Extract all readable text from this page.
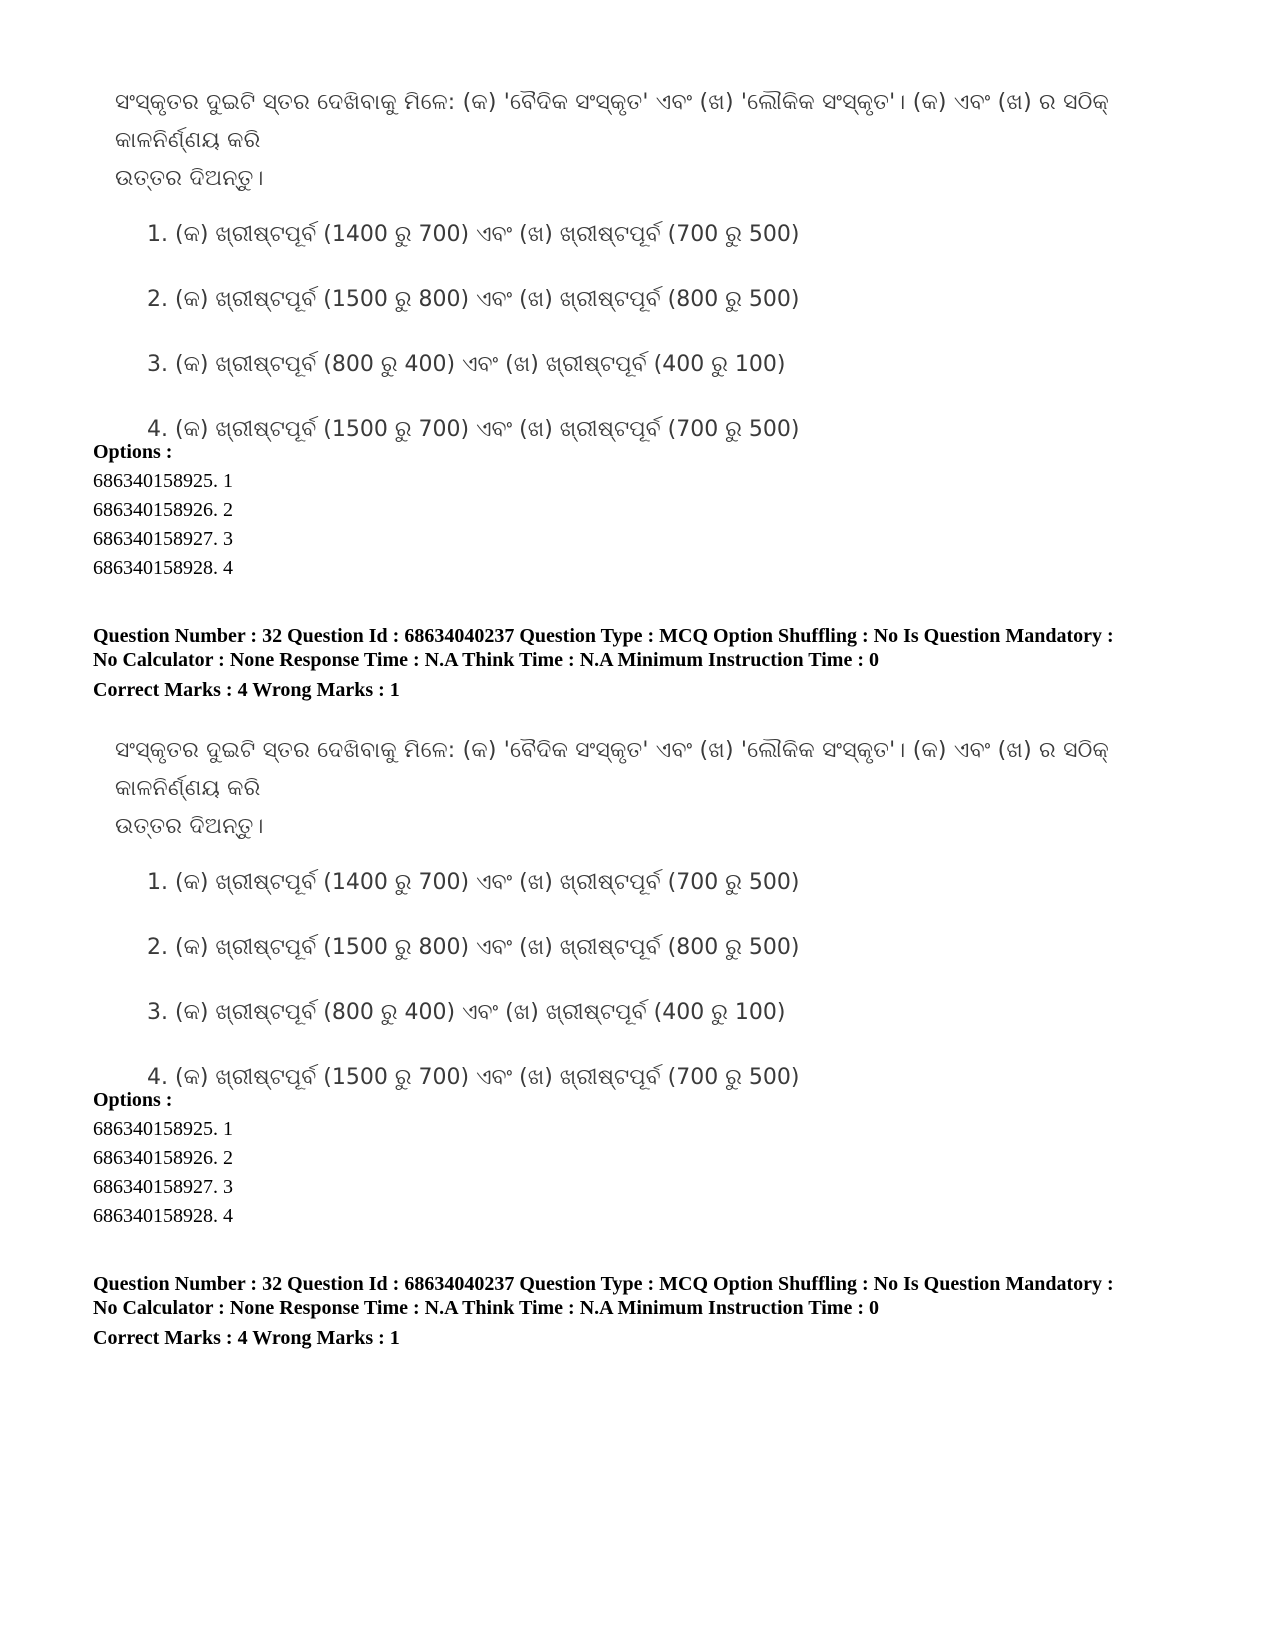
ସଂସ୍କୃତର ଦୁଇଟି ସ୍ତର ଦେଖିବାକୁ ମିଳେ: (କ) 'ବୈଦିକ ସଂସ୍କୃତ' ଏବଂ (ଖ) 'ଲୌକିକ ସଂସ୍କୃତ'। (କ) ଏବଂ (ଖ) ର ସଠିକ୍ କାଳନିର୍ଣ୍ଣୟ କରି
ଉତ୍ତର ଦିଅନ୍ତୁ।
1. (କ) ଖ୍ରୀଷ୍ଟପୂର୍ବ (1400 ରୁ 700) ଏବଂ (ଖ) ଖ୍ରୀଷ୍ଟପୂର୍ବ (700 ରୁ 500)
2. (କ) ଖ୍ରୀଷ୍ଟପୂର୍ବ (1500 ରୁ 800) ଏବଂ (ଖ) ଖ୍ରୀଷ୍ଟପୂର୍ବ (800 ରୁ 500)
3. (କ) ଖ୍ରୀଷ୍ଟପୂର୍ବ (800 ରୁ 400) ଏବଂ (ଖ) ଖ୍ରୀଷ୍ଟପୂର୍ବ (400 ରୁ 100)
4. (କ) ଖ୍ରୀଷ୍ଟପୂର୍ବ (1500 ରୁ 700) ଏବଂ (ଖ) ଖ୍ରୀଷ୍ଟପୂର୍ବ (700 ରୁ 500)
Options :
686340158925. 1
686340158926. 2
686340158927. 3
686340158928. 4
Question Number : 32 Question Id : 68634040237 Question Type : MCQ Option Shuffling : No Is Question Mandatory :
No Calculator : None Response Time : N.A Think Time : N.A Minimum Instruction Time : 0
Correct Marks : 4 Wrong Marks : 1
ସଂସ୍କୃତର ଦୁଇଟି ସ୍ତର ଦେଖିବାକୁ ମିଳେ: (କ) 'ବୈଦିକ ସଂସ୍କୃତ' ଏବଂ (ଖ) 'ଲୌକିକ ସଂସ୍କୃତ'। (କ) ଏବଂ (ଖ) ର ସଠିକ୍ କାଳନିର୍ଣ୍ଣୟ କରି
ଉତ୍ତର ଦିଅନ୍ତୁ।
1. (କ) ଖ୍ରୀଷ୍ଟପୂର୍ବ (1400 ରୁ 700) ଏବଂ (ଖ) ଖ୍ରୀଷ୍ଟପୂର୍ବ (700 ରୁ 500)
2. (କ) ଖ୍ରୀଷ୍ଟପୂର୍ବ (1500 ରୁ 800) ଏବଂ (ଖ) ଖ୍ରୀଷ୍ଟପୂର୍ବ (800 ରୁ 500)
3. (କ) ଖ୍ରୀଷ୍ଟପୂର୍ବ (800 ରୁ 400) ଏବଂ (ଖ) ଖ୍ରୀଷ୍ଟପୂର୍ବ (400 ରୁ 100)
4. (କ) ଖ୍ରୀଷ୍ଟପୂର୍ବ (1500 ରୁ 700) ଏବଂ (ଖ) ଖ୍ରୀଷ୍ଟପୂର୍ବ (700 ରୁ 500)
Options :
686340158925. 1
686340158926. 2
686340158927. 3
686340158928. 4
Question Number : 32 Question Id : 68634040237 Question Type : MCQ Option Shuffling : No Is Question Mandatory :
No Calculator : None Response Time : N.A Think Time : N.A Minimum Instruction Time : 0
Correct Marks : 4 Wrong Marks : 1
